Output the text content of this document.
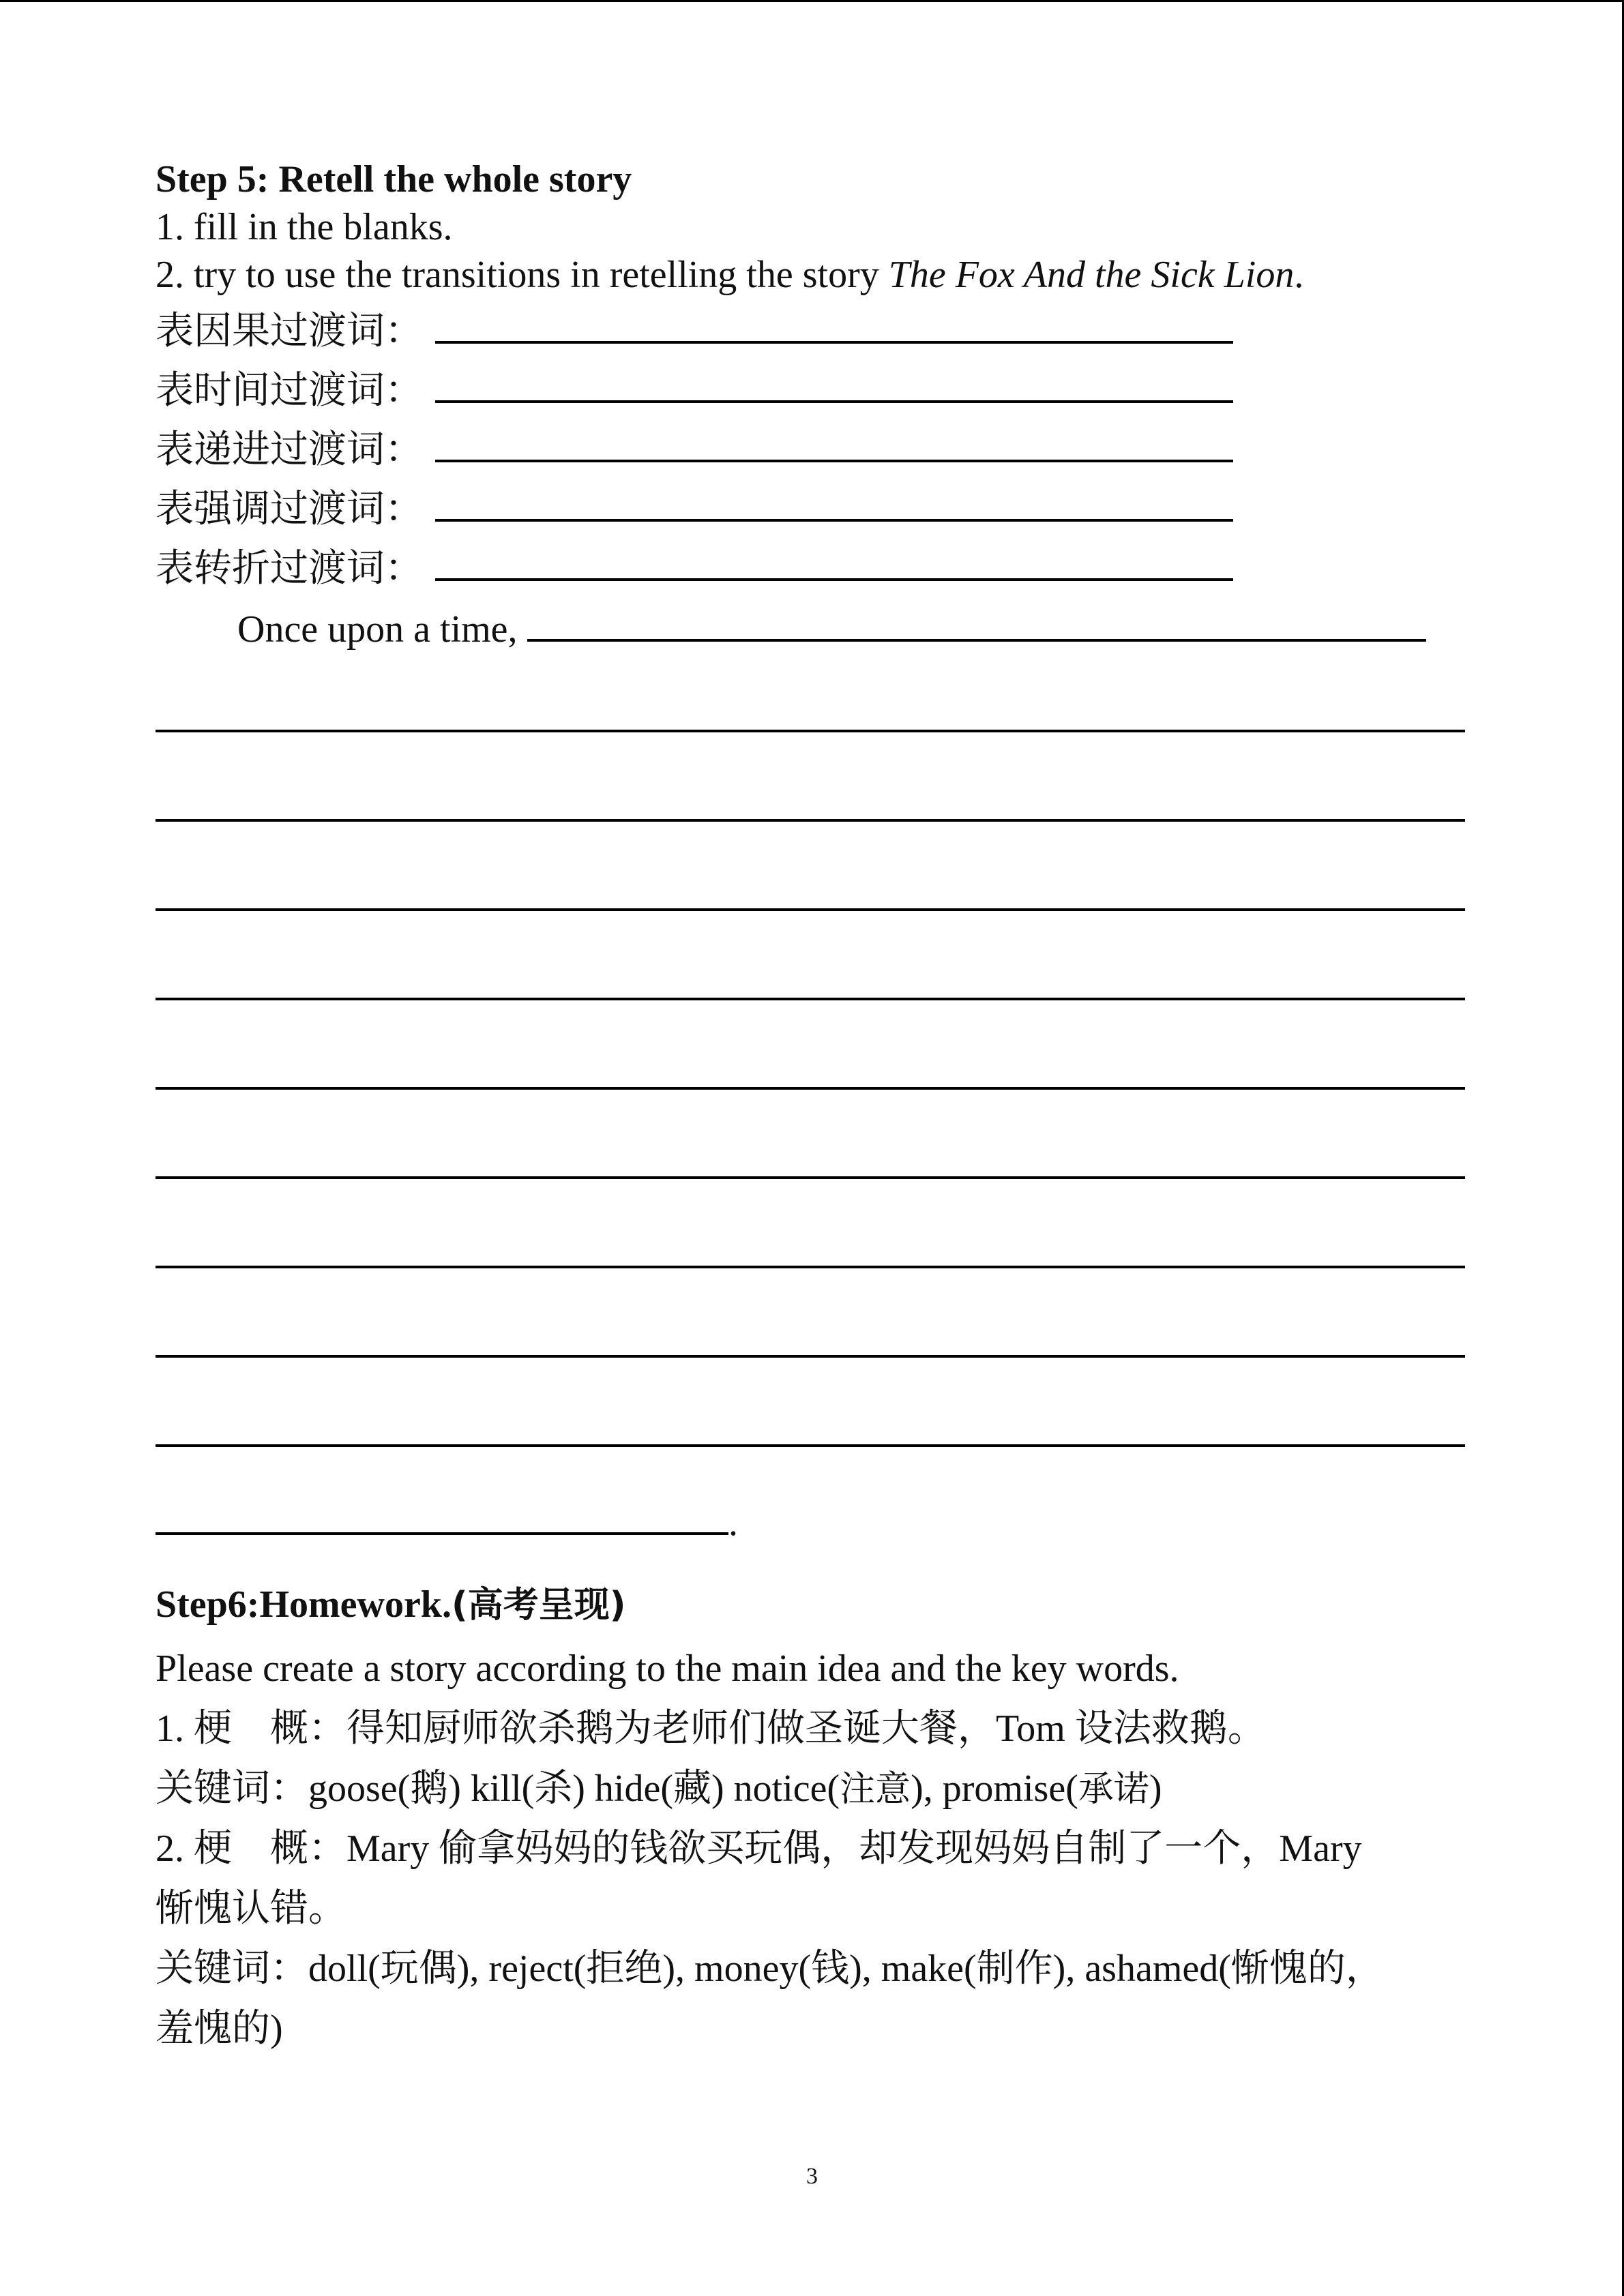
Step 5: Retell the whole story
1. fill in the blanks.
2. try to use the transitions in retelling the story The Fox And the Sick Lion.
表因果过渡词：
表时间过渡词：
表递进过渡词：
表强调过渡词：
表转折过渡词：
Once upon a time,
.
Step6:Homework.(高考呈现)
Please create a story according to the main idea and the key words.
1. 梗　概：得知厨师欲杀鹅为老师们做圣诞大餐，Tom 设法救鹅。
关键词：goose(鹅) kill(杀) hide(藏) notice(注意), promise(承诺)
2. 梗　概：Mary 偷拿妈妈的钱欲买玩偶，却发现妈妈自制了一个，Mary
惭愧认错。
关键词：doll(玩偶), reject(拒绝), money(钱), make(制作), ashamed(惭愧的，
羞愧的)
3
